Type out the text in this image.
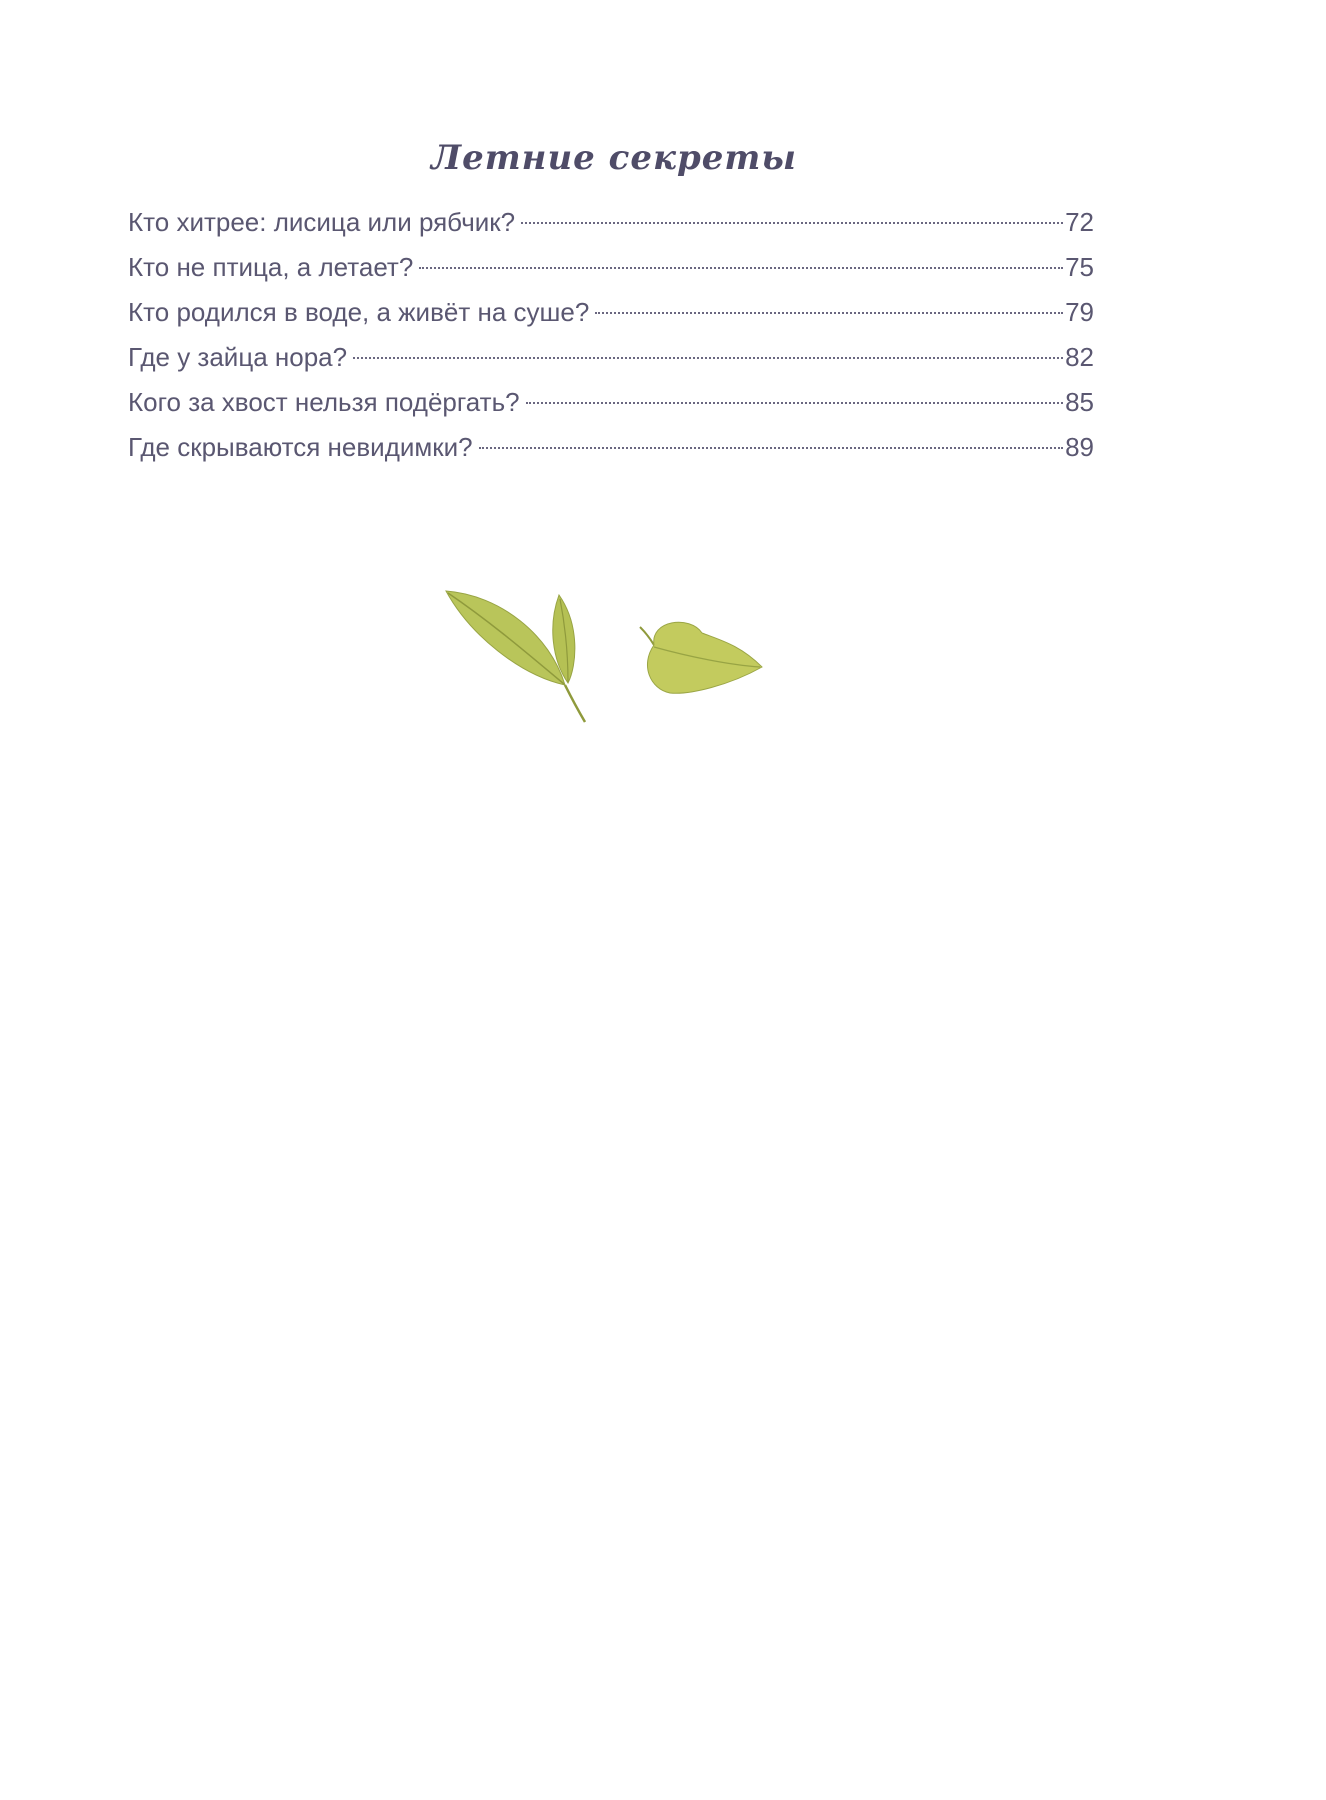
Летние секреты
Кто хитрее: лисица или рябчик?	72
Кто не птица, а летает?	75
Кто родился в воде, а живёт на суше?	79
Где у зайца нора?	82
Кого за хвост нельзя подёргать?	85
Где скрываются невидимки?	89
